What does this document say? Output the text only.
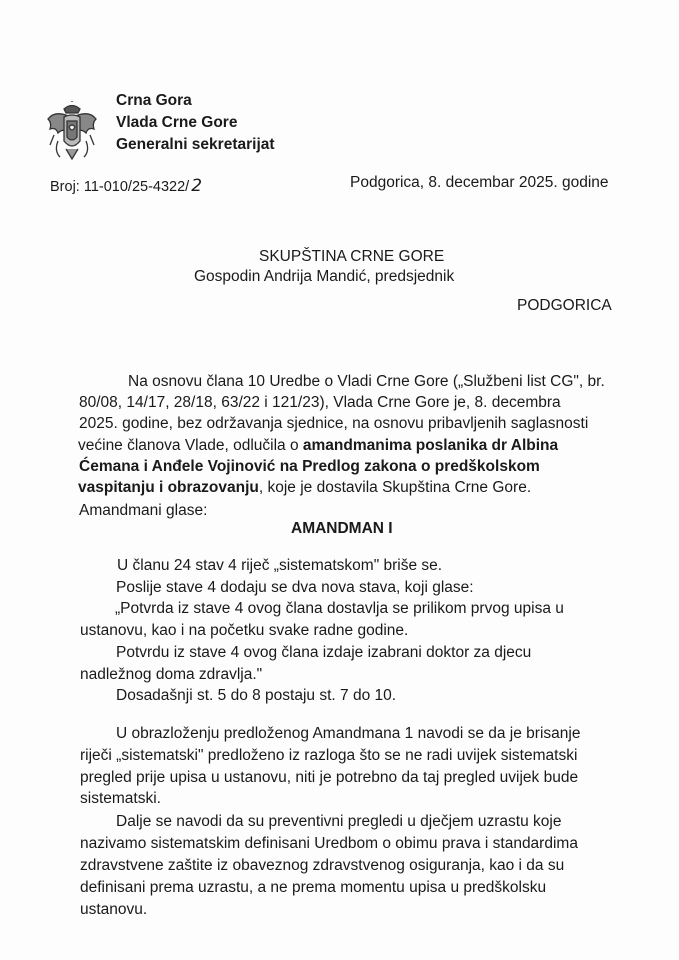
Crna Gora
Vlada Crne Gore
Generalni sekretarijat
Broj: 11-010/25-4322/ 2	Podgorica, 8. decembar 2025. godine
SKUPŠTINA CRNE GORE
Gospodin Andrija Mandić, predsjednik
PODGORICA
Na osnovu člana 10 Uredbe o Vladi Crne Gore („Službeni list CG", br.
80/08, 14/17, 28/18, 63/22 i 121/23), Vlada Crne Gore je, 8. decembra
2025. godine, bez održavanja sjednice, na osnovu pribavljenih saglasnosti
većine članova Vlade, odlučila o amandmanima poslanika dr Albina
Ćemana i Anđele Vojinović na Predlog zakona o predškolskom
vaspitanju i obrazovanju, koje je dostavila Skupština Crne Gore.
Amandmani glase:
AMANDMAN I
U članu 24 stav 4 riječ „sistematskom" briše se.
Poslije stave 4 dodaju se dva nova stava, koji glase:
„Potvrda iz stave 4 ovog člana dostavlja se prilikom prvog upisa u
ustanovu, kao i na početku svake radne godine.
Potvrdu iz stave 4 ovog člana izdaje izabrani doktor za djecu
nadležnog doma zdravlja."
Dosadašnji st. 5 do 8 postaju st. 7 do 10.
U obrazloženju predloženog Amandmana 1 navodi se da je brisanje
riječi „sistematski" predloženo iz razloga što se ne radi uvijek sistematski
pregled prije upisa u ustanovu, niti je potrebno da taj pregled uvijek bude
sistematski.
Dalje se navodi da su preventivni pregledi u dječjem uzrastu koje
nazivamo sistematskim definisani Uredbom o obimu prava i standardima
zdravstvene zaštite iz obaveznog zdravstvenog osiguranja, kao i da su
definisani prema uzrastu, a ne prema momentu upisa u predškolsku
ustanovu.
